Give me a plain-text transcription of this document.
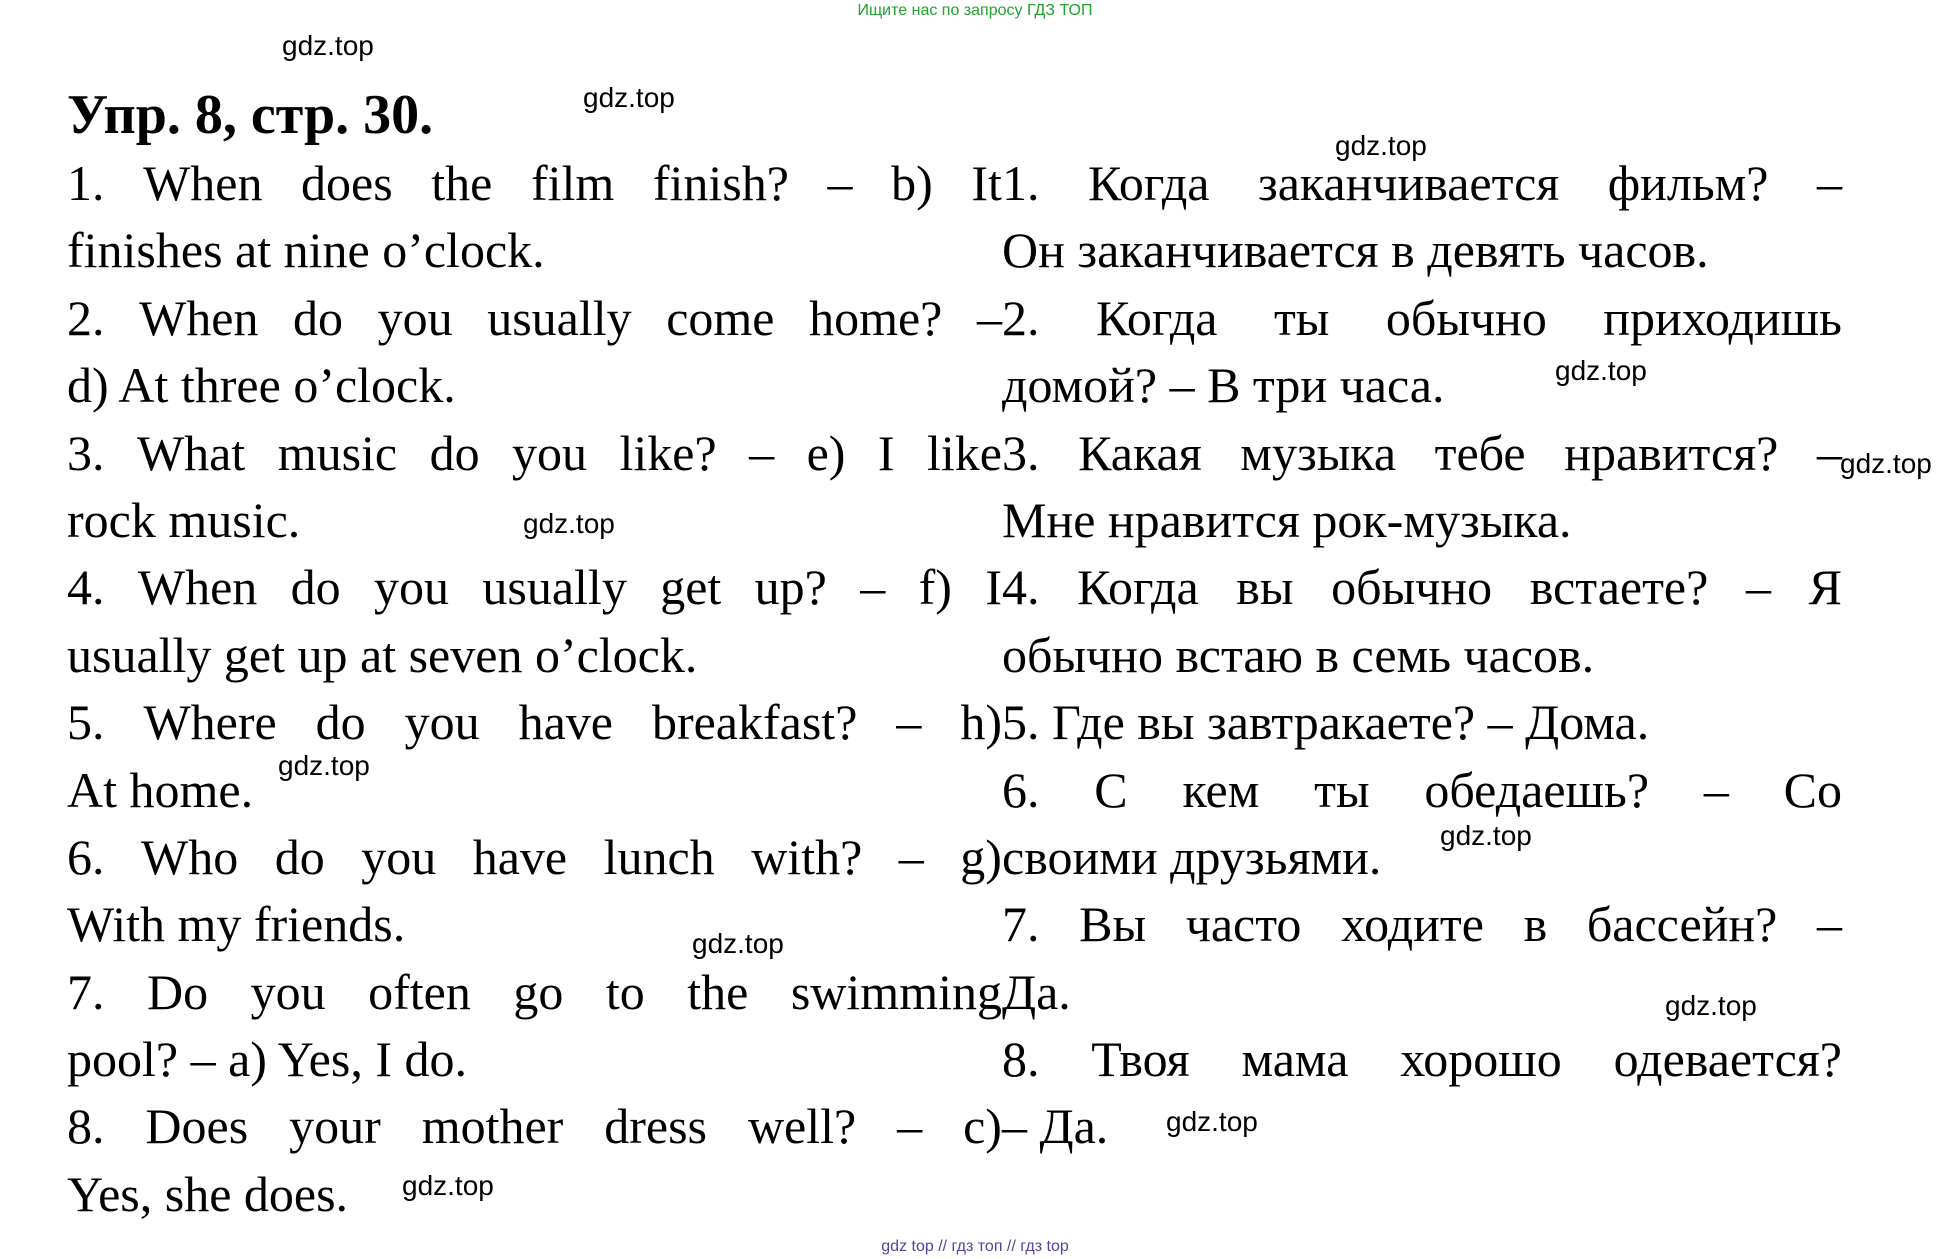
Ищите нас по запросу ГДЗ ТОП
Упр. 8, стр. 30.
1. When does the film finish? – b) It
finishes at nine o’clock.
2. When do you usually come home? –
d) At three o’clock.
3. What music do you like? – e) I like
rock music.
4. When do you usually get up? – f) I
usually get up at seven o’clock.
5. Where do you have breakfast? – h)
At home.
6. Who do you have lunch with? – g)
With my friends.
7. Do you often go to the swimming
pool? – a) Yes, I do.
8. Does your mother dress well? – c)
Yes, she does.
1. Когда заканчивается фильм? –
Он заканчивается в девять часов.
2. Когда ты обычно приходишь
домой? – В три часа.
3. Какая музыка тебе нравится? –
Мне нравится рок-музыка.
4. Когда вы обычно встаете? – Я
обычно встаю в семь часов.
5. Где вы завтракаете? – Дома.
6. С кем ты обедаешь? – Со
своими друзьями.
7. Вы часто ходите в бассейн? –
Да.
8. Твоя мама хорошо одевается?
– Да.
gdz.top
gdz.top
gdz.top
gdz.top
gdz.top
gdz.top
gdz.top
gdz.top
gdz.top
gdz.top
gdz.top
gdz.top
gdz top // гдз топ // гдз top
